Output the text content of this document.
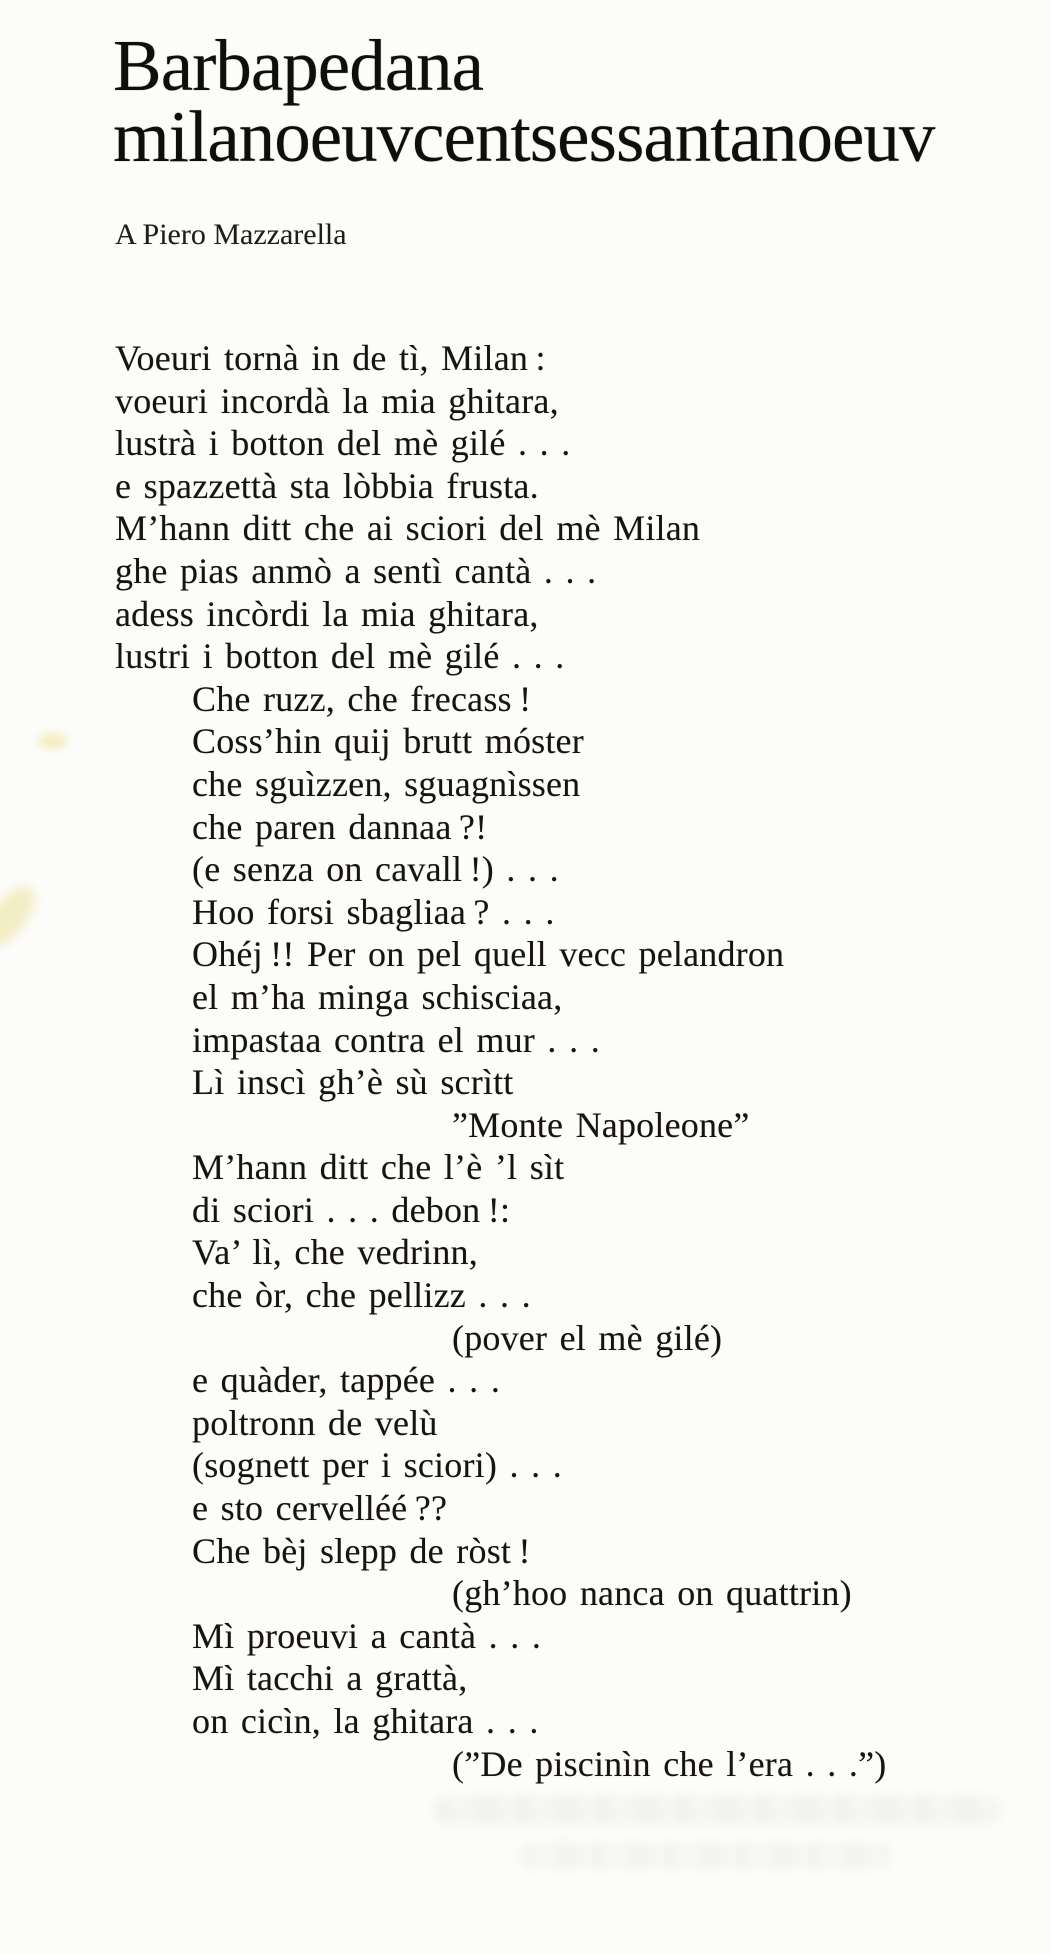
Barbapedana
milanoeuvcentsessantanoeuv
A Piero Mazzarella
Voeuri tornà in de tì, Milan :
voeuri incordà la mia ghitara,
lustrà i botton del mè gilé . . .
e spazzettà sta lòbbia frusta.
M’hann ditt che ai sciori del mè Milan
ghe pias anmò a sentì cantà . . .
adess incòrdi la mia ghitara,
lustri i botton del mè gilé . . .
Che ruzz, che frecass !
Coss’hin quij brutt móster
che sguìzzen, sguagnìssen
che paren dannaa ?!
(e senza on cavall !) . . .
Hoo forsi sbagliaa ? . . .
Ohéj !! Per on pel quell vecc pelandron
el m’ha minga schisciaa,
impastaa contra el mur . . .
Lì inscì gh’è sù scrìtt
”Monte Napoleone”
M’hann ditt che l’è ’l sìt
di sciori . . . debon !:
Va’ lì, che vedrinn,
che òr, che pellizz . . .
(pover el mè gilé)
e quàder, tappée . . .
poltronn de velù
(sognett per i sciori) . . .
e sto cervelléé ??
Che bèj slepp de ròst !
(gh’hoo nanca on quattrin)
Mì proeuvi a cantà . . .
Mì tacchi a grattà,
on cicìn, la ghitara . . .
(”De piscinìn che l’era . . .”)
